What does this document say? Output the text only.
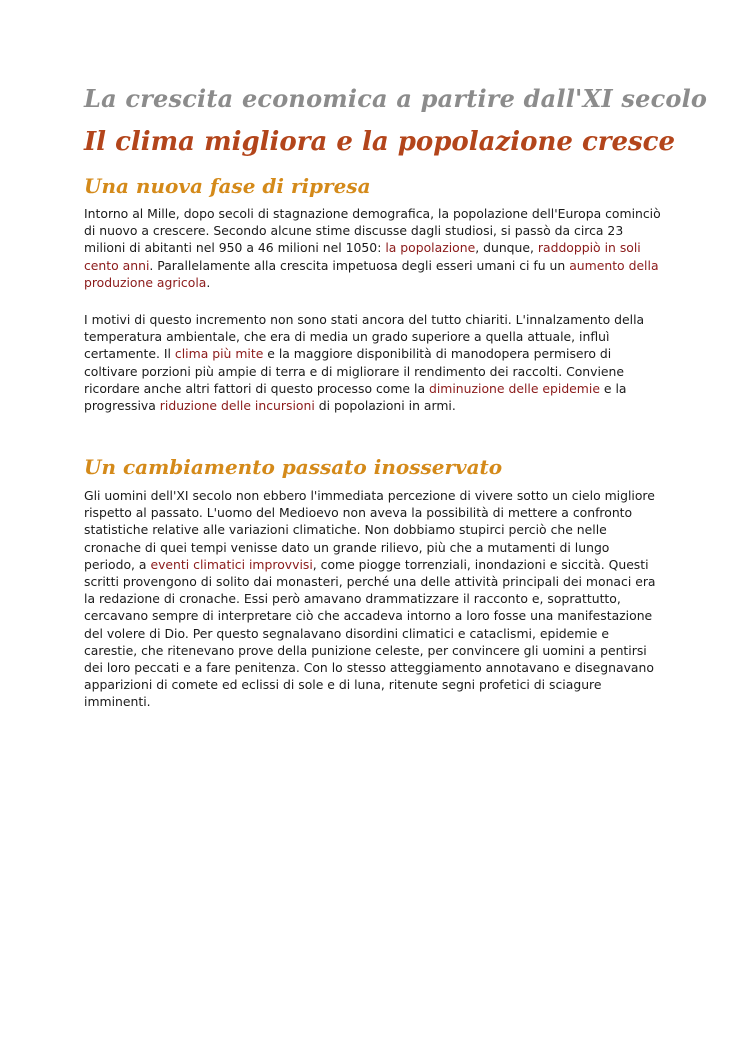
La crescita economica a partire dall'XI secolo
Il clima migliora e la popolazione cresce
Una nuova fase di ripresa

Intorno al Mille, dopo secoli di stagnazione demografica, la popolazione dell'Europa cominciò di nuovo a crescere. Secondo alcune stime discusse dagli studiosi, si passò da circa 23 milioni di abitanti nel 950 a 46 milioni nel 1050: la popolazione, dunque, raddoppiò in soli cento anni. Parallelamente alla crescita impetuosa degli esseri umani ci fu un aumento della produzione agricola.

I motivi di questo incremento non sono stati ancora del tutto chiariti. L'innalzamento della temperatura ambientale, che era di media un grado superiore a quella attuale, influì certamente. Il clima più mite e la maggiore disponibilità di manodopera permisero di coltivare porzioni più ampie di terra e di migliorare il rendimento dei raccolti. Conviene ricordare anche altri fattori di questo processo come la diminuzione delle epidemie e la progressiva riduzione delle incursioni di popolazioni in armi.

Un cambiamento passato inosservato

Gli uomini dell'XI secolo non ebbero l'immediata percezione di vivere sotto un cielo migliore rispetto al passato. L'uomo del Medioevo non aveva la possibilità di mettere a confronto statistiche relative alle variazioni climatiche. Non dobbiamo stupirci perciò che nelle cronache di quei tempi venisse dato un grande rilievo, più che a mutamenti di lungo periodo, a eventi climatici improvvisi, come piogge torrenziali, inondazioni e siccità. Questi scritti provengono di solito dai monasteri, perché una delle attività principali dei monaci era la redazione di cronache. Essi però amavano drammatizzare il racconto e, soprattutto, cercavano sempre di interpretare ciò che accadeva intorno a loro fosse una manifestazione del volere di Dio. Per questo segnalavano disordini climatici e cataclismi, epidemie e carestie, che ritenevano prove della punizione celeste, per convincere gli uomini a pentirsi dei loro peccati e a fare penitenza. Con lo stesso atteggiamento annotavano e disegnavano apparizioni di comete ed eclissi di sole e di luna, ritenute segni profetici di sciagure imminenti.
